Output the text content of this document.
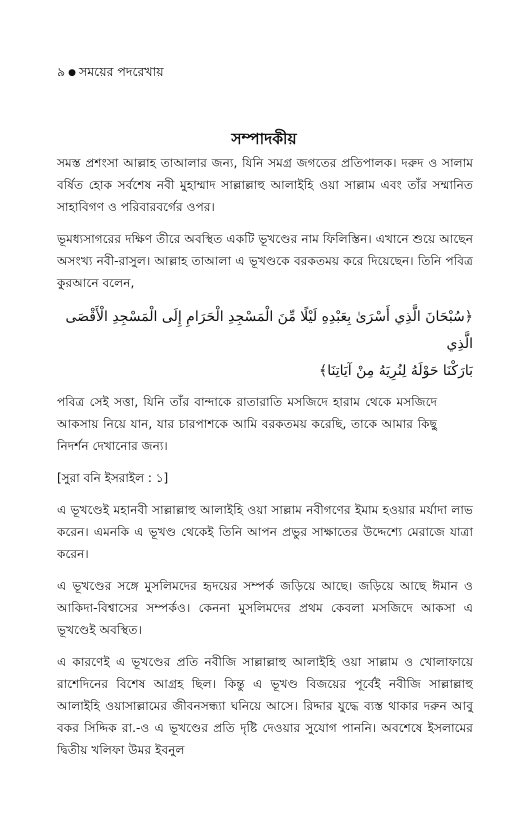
৯ ● সময়ের পদরেখায়
সম্পাদকীয়

সমস্ত প্রশংসা আল্লাহ তাআলার জন্য, যিনি সমগ্র জগতের প্রতিপালক। দরুদ ও সালাম বর্ষিত হোক সর্বশেষ নবী মুহাম্মাদ সাল্লাল্লাহু আলাইহি ওয়া সাল্লাম এবং তাঁর সম্মানিত সাহাবিগণ ও পরিবারবর্গের ওপর।

ভূমধ্যসাগরের দক্ষিণ তীরে অবস্থিত একটি ভূখণ্ডের নাম ফিলিস্তিন। এখানে শুয়ে আছেন অসংখ্য নবী-রাসুল। আল্লাহ তাআলা এ ভূখণ্ডকে বরকতময় করে দিয়েছেন। তিনি পবিত্র কুরআনে বলেন,

﴿سُبْحَانَ الَّذِي أَسْرَىٰ بِعَبْدِهِ لَيْلًا مِّنَ الْمَسْجِدِ الْحَرَامِ إِلَى الْمَسْجِدِ الْأَقْصَى الَّذِي
بَارَكْنَا حَوْلَهُ لِنُرِيَهُ مِنْ آيَاتِنَا﴾

পবিত্র সেই সত্তা, যিনি তাঁর বান্দাকে রাতারাতি মসজিদে হারাম থেকে মসজিদে আকসায় নিয়ে যান, যার চারপাশকে আমি বরকতময় করেছি, তাকে আমার কিছু নিদর্শন দেখানোর জন্য।

[সুরা বনি ইসরাইল : ১]

এ ভূখণ্ডেই মহানবী সাল্লাল্লাহু আলাইহি ওয়া সাল্লাম নবীগণের ইমাম হওয়ার মর্যাদা লাভ করেন। এমনকি এ ভূখণ্ড থেকেই তিনি আপন প্রভুর সাক্ষাতের উদ্দেশ্যে মেরাজে যাত্রা করেন।

এ ভূখণ্ডের সঙ্গে মুসলিমদের হৃদয়ের সম্পর্ক জড়িয়ে আছে। জড়িয়ে আছে ঈমান ও আকিদা-বিশ্বাসের সম্পর্কও। কেননা মুসলিমদের প্রথম কেবলা মসজিদে আকসা এ ভূখণ্ডেই অবস্থিত।

এ কারণেই এ ভূখণ্ডের প্রতি নবীজি সাল্লাল্লাহু আলাইহি ওয়া সাল্লাম ও খোলাফায়ে রাশেদিনের বিশেষ আগ্রহ ছিল। কিন্তু এ ভূখণ্ড বিজয়ের পূর্বেই নবীজি সাল্লাল্লাহু আলাইহি ওয়াসাল্লামের জীবনসন্ধ্যা ঘনিয়ে আসে। রিদ্দার যুদ্ধে ব্যস্ত থাকার দরুন আবু বকর সিদ্দিক রা.-ও এ ভূখণ্ডের প্রতি দৃষ্টি দেওয়ার সুযোগ পাননি। অবশেষে ইসলামের দ্বিতীয় খলিফা উমর ইবনুল
